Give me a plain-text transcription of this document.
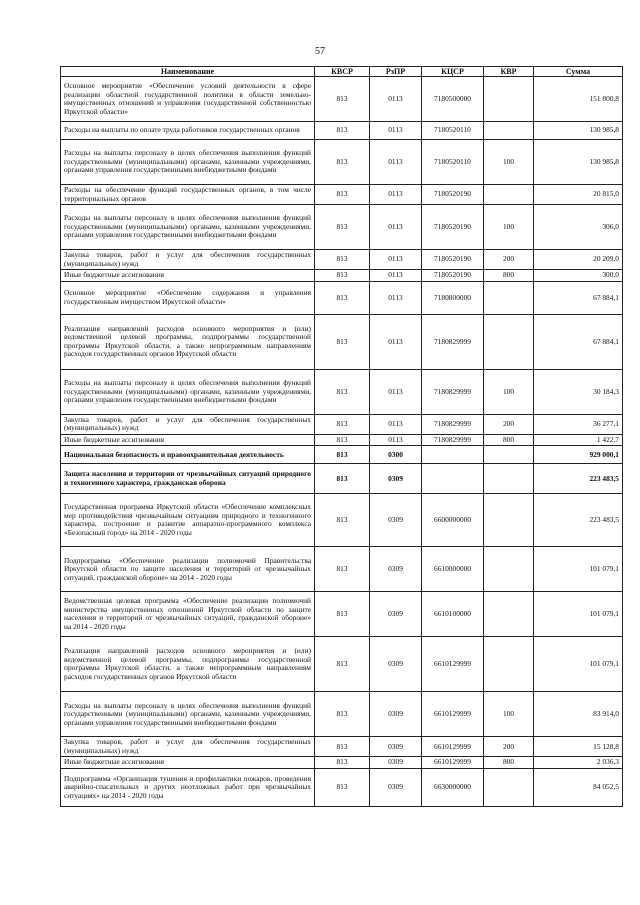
57
Наименование	КВСР	РзПР	КЦСР	КВР	Сумма
Основное мероприятие «Обеспечение условий деятельности в сфере реализации областной государственной политики в области земельно-имущественных отношений и управления государственной собственностью Иркутской области»	813	0113	7180500000		151 800,8
Расходы на выплаты по оплате труда работников государственных органов	813	0113	7180520110		130 985,8
Расходы на выплаты персоналу в целях обеспечения выполнения функций государственными (муниципальными) органами, казенными учреждениями, органами управления государственными внебюджетными фондами	813	0113	7180520110	100	130 985,8
Расходы на обеспечение функций государственных органов, в том числе территориальных органов	813	0113	7180520190		20 815,0
Расходы на выплаты персоналу в целях обеспечения выполнения функций государственными (муниципальными) органами, казенными учреждениями, органами управления государственными внебюджетными фондами	813	0113	7180520190	100	306,0
Закупка товаров, работ и услуг для обеспечения государственных (муниципальных) нужд	813	0113	7180520190	200	20 209,0
Иные бюджетные ассигнования	813	0113	7180520190	800	300,0
Основное мероприятие «Обеспечение содержания и управления государственным имуществом Иркутской области»	813	0113	7180800000		67 884,1
Реализация направлений расходов основного мероприятия и (или) ведомственной целевой программы, подпрограммы государственной программы Иркутской области, а также непрограммным направлениям расходов государственных органов Иркутской области	813	0113	7180829999		67 884,1
Расходы на выплаты персоналу в целях обеспечения выполнения функций государственными (муниципальными) органами, казенными учреждениями, органами управления государственными внебюджетными фондами	813	0113	7180829999	100	30 184,3
Закупка товаров, работ и услуг для обеспечения государственных (муниципальных) нужд	813	0113	7180829999	200	36 277,1
Иные бюджетные ассигнования	813	0113	7180829999	800	1 422,7
Национальная безопасность и правоохранительная деятельность	813	0300			929 000,1
Защита населения и территории от чрезвычайных ситуаций природного и техногенного характера, гражданская оборона	813	0309			223 483,5
Государственная программа Иркутской области «Обеспечение комплексных мер противодействия чрезвычайным ситуациям природного и техногенного характера, построение и развитие аппаратно-программного комплекса «Безопасный город» на 2014 - 2020 годы	813	0309	6600000000		223 483,5
Подпрограмма «Обеспечение реализации полномочий Правительства Иркутской области по защите населения и территорий от чрезвычайных ситуаций, гражданской обороне» на 2014 - 2020 годы	813	0309	6610000000		101 079,1
Ведомственная целевая программа «Обеспечение реализации полномочий министерства имущественных отношений Иркутской области по защите населения и территорий от чрезвычайных ситуаций, гражданской обороне» на 2014 - 2020 годы	813	0309	6610100000		101 079,1
Реализация направлений расходов основного мероприятия и (или) ведомственной целевой программы, подпрограммы государственной программы Иркутской области, а также непрограммным направлениям расходов государственных органов Иркутской области	813	0309	6610129999		101 079,1
Расходы на выплаты персоналу в целях обеспечения выполнения функций государственными (муниципальными) органами, казенными учреждениями, органами управления государственными внебюджетными фондами	813	0309	6610129999	100	83 914,0
Закупка товаров, работ и услуг для обеспечения государственных (муниципальных) нужд	813	0309	6610129999	200	15 128,8
Иные бюджетные ассигнования	813	0309	6610129999	800	2 036,3
Подпрограмма «Организация тушения и профилактики пожаров, проведения аварийно-спасательных и других неотложных работ при чрезвычайных ситуациях» на 2014 - 2020 годы	813	0309	6630000000		84 052,5
